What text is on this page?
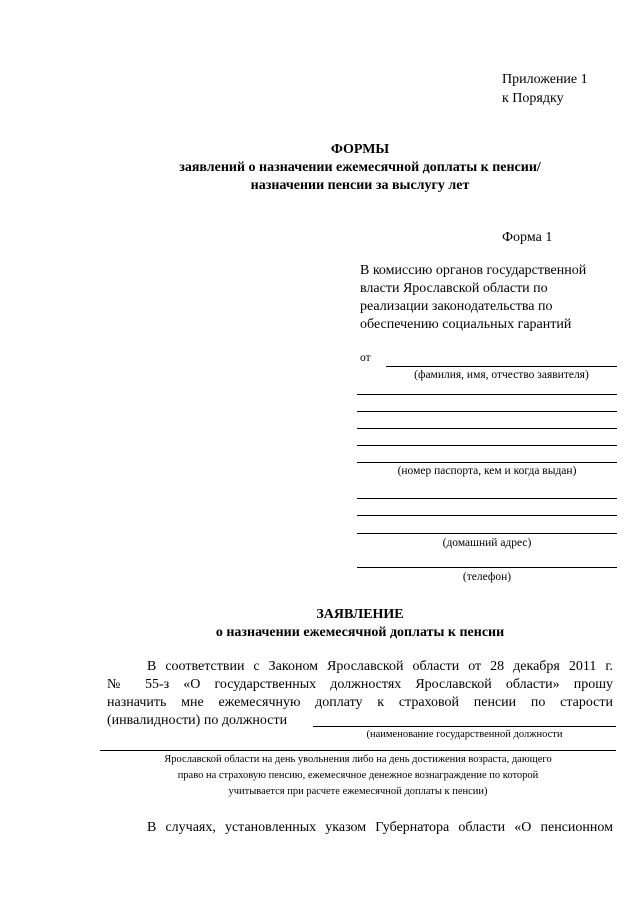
Приложение 1
к Порядку
ФОРМЫ
заявлений о назначении ежемесячной доплаты к пенсии/
назначении пенсии за выслугу лет
Форма 1
В комиссию органов государственной
власти Ярославской области по
реализации законодательства по
обеспечению социальных гарантий
от
(фамилия, имя, отчество заявителя)
(номер паспорта, кем и когда выдан)
(домашний адрес)
(телефон)
ЗАЯВЛЕНИЕ
о назначении ежемесячной доплаты к пенсии
В соответствии с Законом Ярославской области от 28 декабря 2011 г.
№ 55-з «О государственных должностях Ярославской области» прошу
назначить мне ежемесячную доплату к страховой пенсии по старости
(инвалидности) по должности
(наименование государственной должности
Ярославской области на день увольнения либо на день достижения возраста, дающего
право на страховую пенсию, ежемесячное денежное вознаграждение по которой
учитывается при расчете ежемесячной доплаты к пенсии)
В случаях, установленных указом Губернатора области «О пенсионном
